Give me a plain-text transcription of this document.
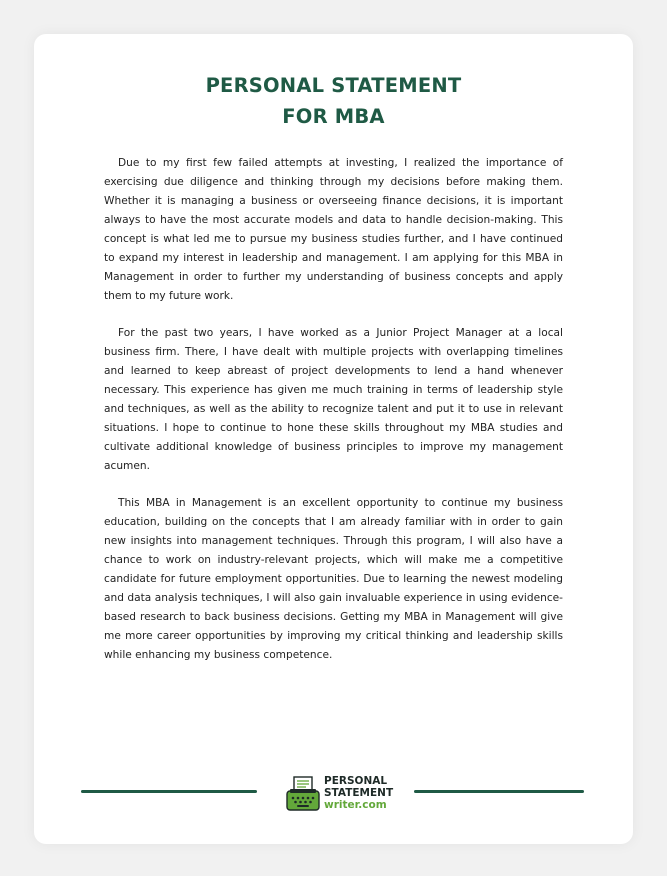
PERSONAL STATEMENT
FOR MBA

Due to my first few failed attempts at investing, I realized the importance of exercising due diligence and thinking through my decisions before making them. Whether it is managing a business or overseeing finance decisions, it is important always to have the most accurate models and data to handle decision-making. This concept is what led me to pursue my business studies further, and I have continued to expand my interest in leadership and management. I am applying for this MBA in Management in order to further my understanding of business concepts and apply them to my future work.

For the past two years, I have worked as a Junior Project Manager at a local business firm. There, I have dealt with multiple projects with overlapping timelines and learned to keep abreast of project developments to lend a hand whenever necessary. This experience has given me much training in terms of leadership style and techniques, as well as the ability to recognize talent and put it to use in relevant situations. I hope to continue to hone these skills throughout my MBA studies and cultivate additional knowledge of business principles to improve my management acumen.

This MBA in Management is an excellent opportunity to continue my business education, building on the concepts that I am already familiar with in order to gain new insights into management techniques. Through this program, I will also have a chance to work on industry-relevant projects, which will make me a competitive candidate for future employment opportunities. Due to learning the newest modeling and data analysis techniques, I will also gain invaluable experience in using evidence-based research to back business decisions. Getting my MBA in Management will give me more career opportunities by improving my critical thinking and leadership skills while enhancing my business competence.

PERSONAL
STATEMENT
writer.com
